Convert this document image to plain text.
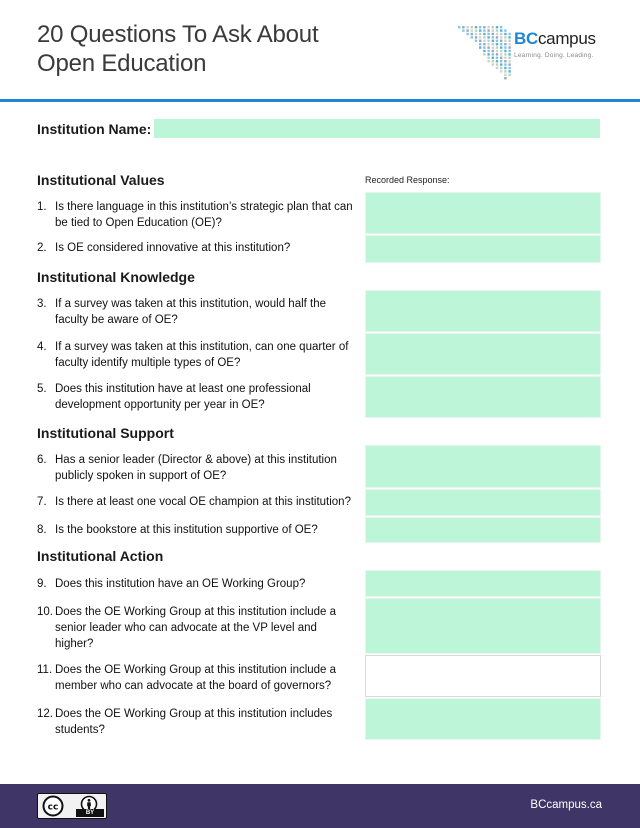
20 Questions To Ask About
Open Education
BCcampus
Learning. Doing. Leading.
Institution Name:
Recorded Response:
Institutional Values
1. Is there language in this institution’s strategic plan that can be tied to Open Education (OE)?
2. Is OE considered innovative at this institution?
Institutional Knowledge
3. If a survey was taken at this institution, would half the faculty be aware of OE?
4. If a survey was taken at this institution, can one quarter of faculty identify multiple types of OE?
5. Does this institution have at least one professional development opportunity per year in OE?
Institutional Support
6. Has a senior leader (Director & above) at this institution publicly spoken in support of OE?
7. Is there at least one vocal OE champion at this institution?
8. Is the bookstore at this institution supportive of OE?
Institutional Action
9. Does this institution have an OE Working Group?
10. Does the OE Working Group at this institution include a senior leader who can advocate at the VP level and higher?
11. Does the OE Working Group at this institution include a member who can advocate at the board of governors?
12. Does the OE Working Group at this institution includes students?
cc
BY
BCcampus.ca
